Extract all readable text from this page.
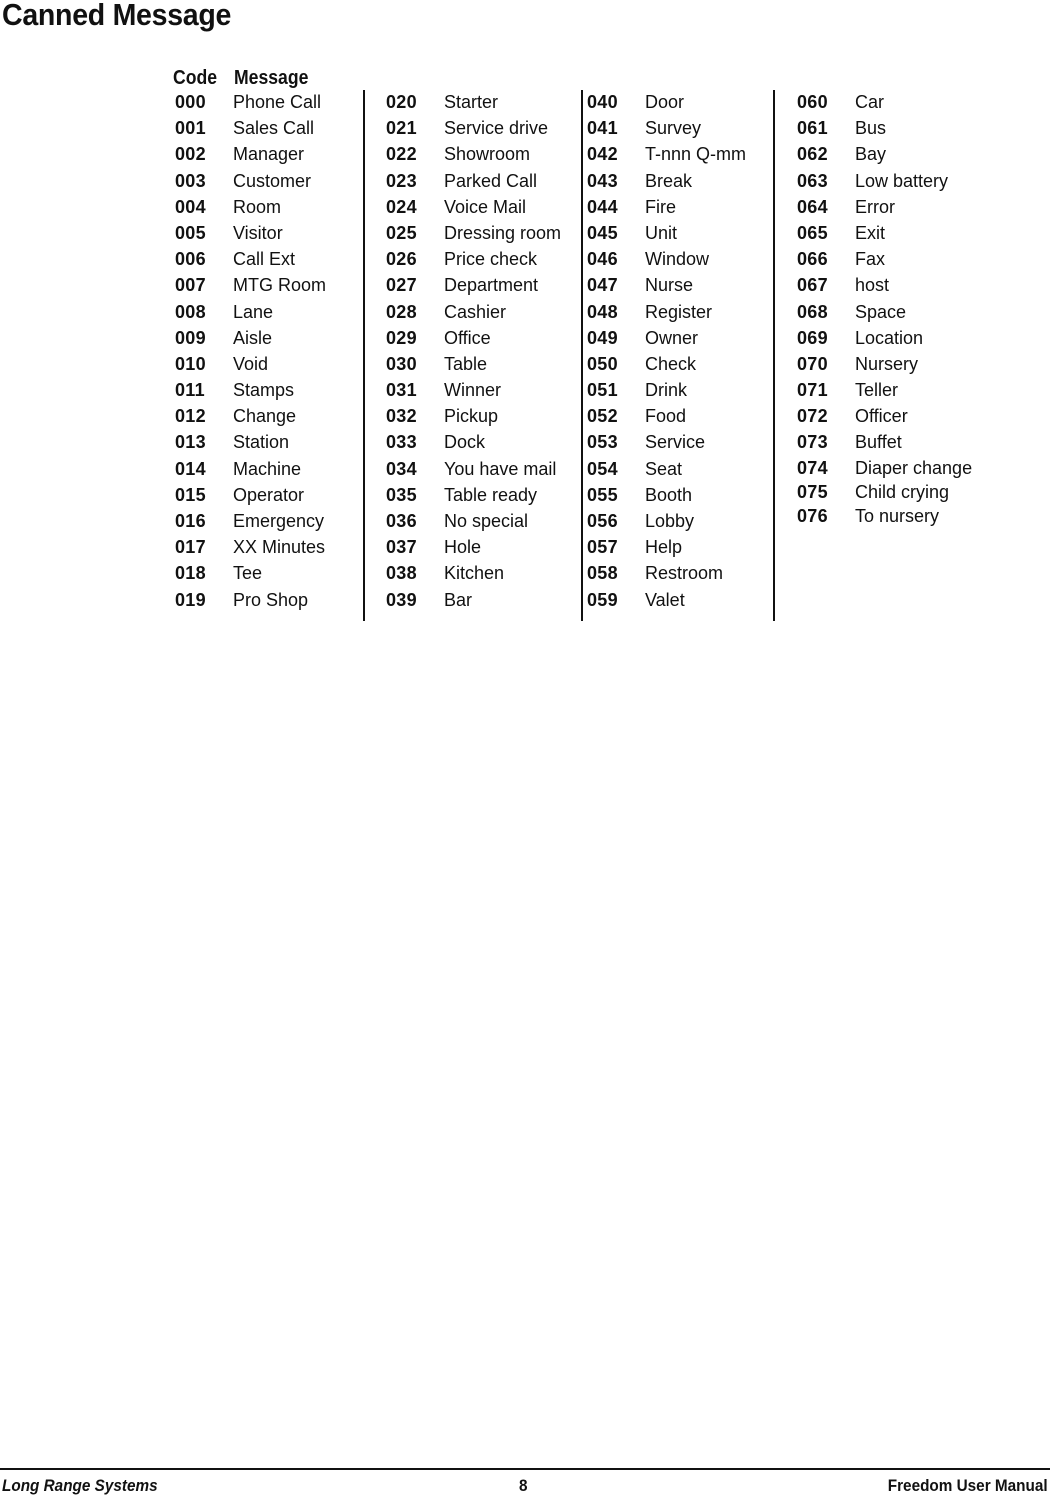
Canned Message
Code Message
000	Phone Call
001	Sales Call
002	Manager
003	Customer
004	Room
005	Visitor
006	Call Ext
007	MTG Room
008	Lane
009	Aisle
010	Void
011	Stamps
012	Change
013	Station
014	Machine
015	Operator
016	Emergency
017	XX Minutes
018	Tee
019	Pro Shop
020	Starter
021	Service drive
022	Showroom
023	Parked Call
024	Voice Mail
025	Dressing room
026	Price check
027	Department
028	Cashier
029	Office
030	Table
031	Winner
032	Pickup
033	Dock
034	You have mail
035	Table ready
036	No special
037	Hole
038	Kitchen
039	Bar
040	Door
041	Survey
042	T-nnn Q-mm
043	Break
044	Fire
045	Unit
046	Window
047	Nurse
048	Register
049	Owner
050	Check
051	Drink
052	Food
053	Service
054	Seat
055	Booth
056	Lobby
057	Help
058	Restroom
059	Valet
060	Car
061	Bus
062	Bay
063	Low battery
064	Error
065	Exit
066	Fax
067	host
068	Space
069	Location
070	Nursery
071	Teller
072	Officer
073	Buffet
074	Diaper change
075	Child crying
076	To nursery
Long Range Systems	8	Freedom User Manual
